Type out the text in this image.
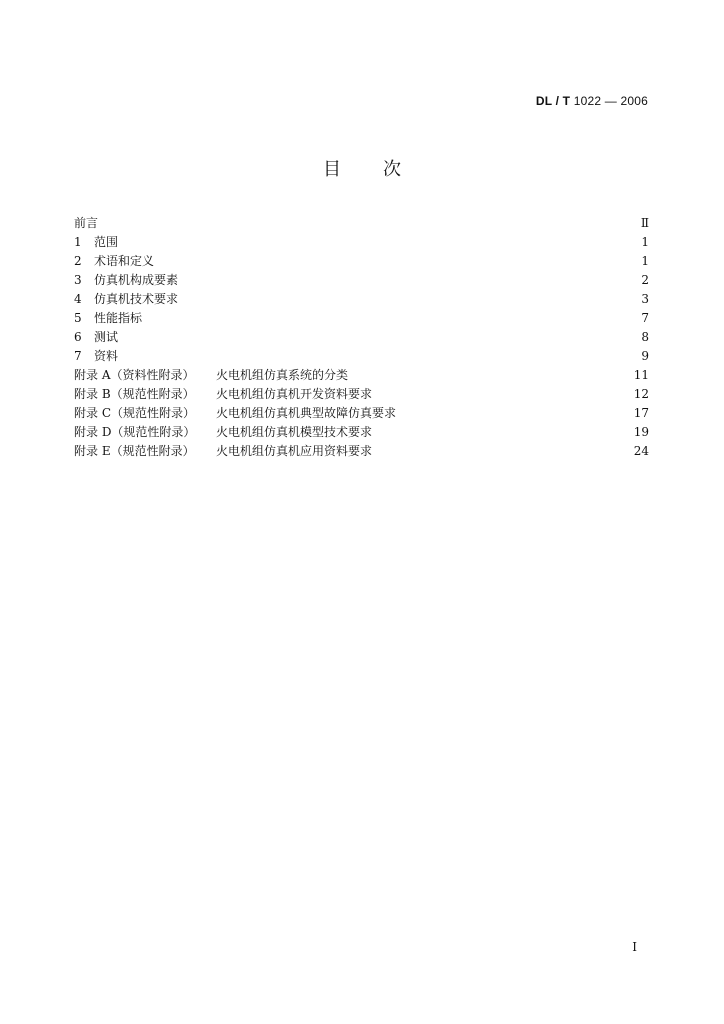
DL / T 1022 — 2006
目次
前言	Ⅱ
1 范围	1
2 术语和定义	1
3 仿真机构成要素	2
4 仿真机技术要求	3
5 性能指标	7
6 测试	8
7 资料	9
附录 A（资料性附录） 火电机组仿真系统的分类	11
附录 B（规范性附录） 火电机组仿真机开发资料要求	12
附录 C（规范性附录） 火电机组仿真机典型故障仿真要求	17
附录 D（规范性附录） 火电机组仿真机模型技术要求	19
附录 E（规范性附录） 火电机组仿真机应用资料要求	24
I
